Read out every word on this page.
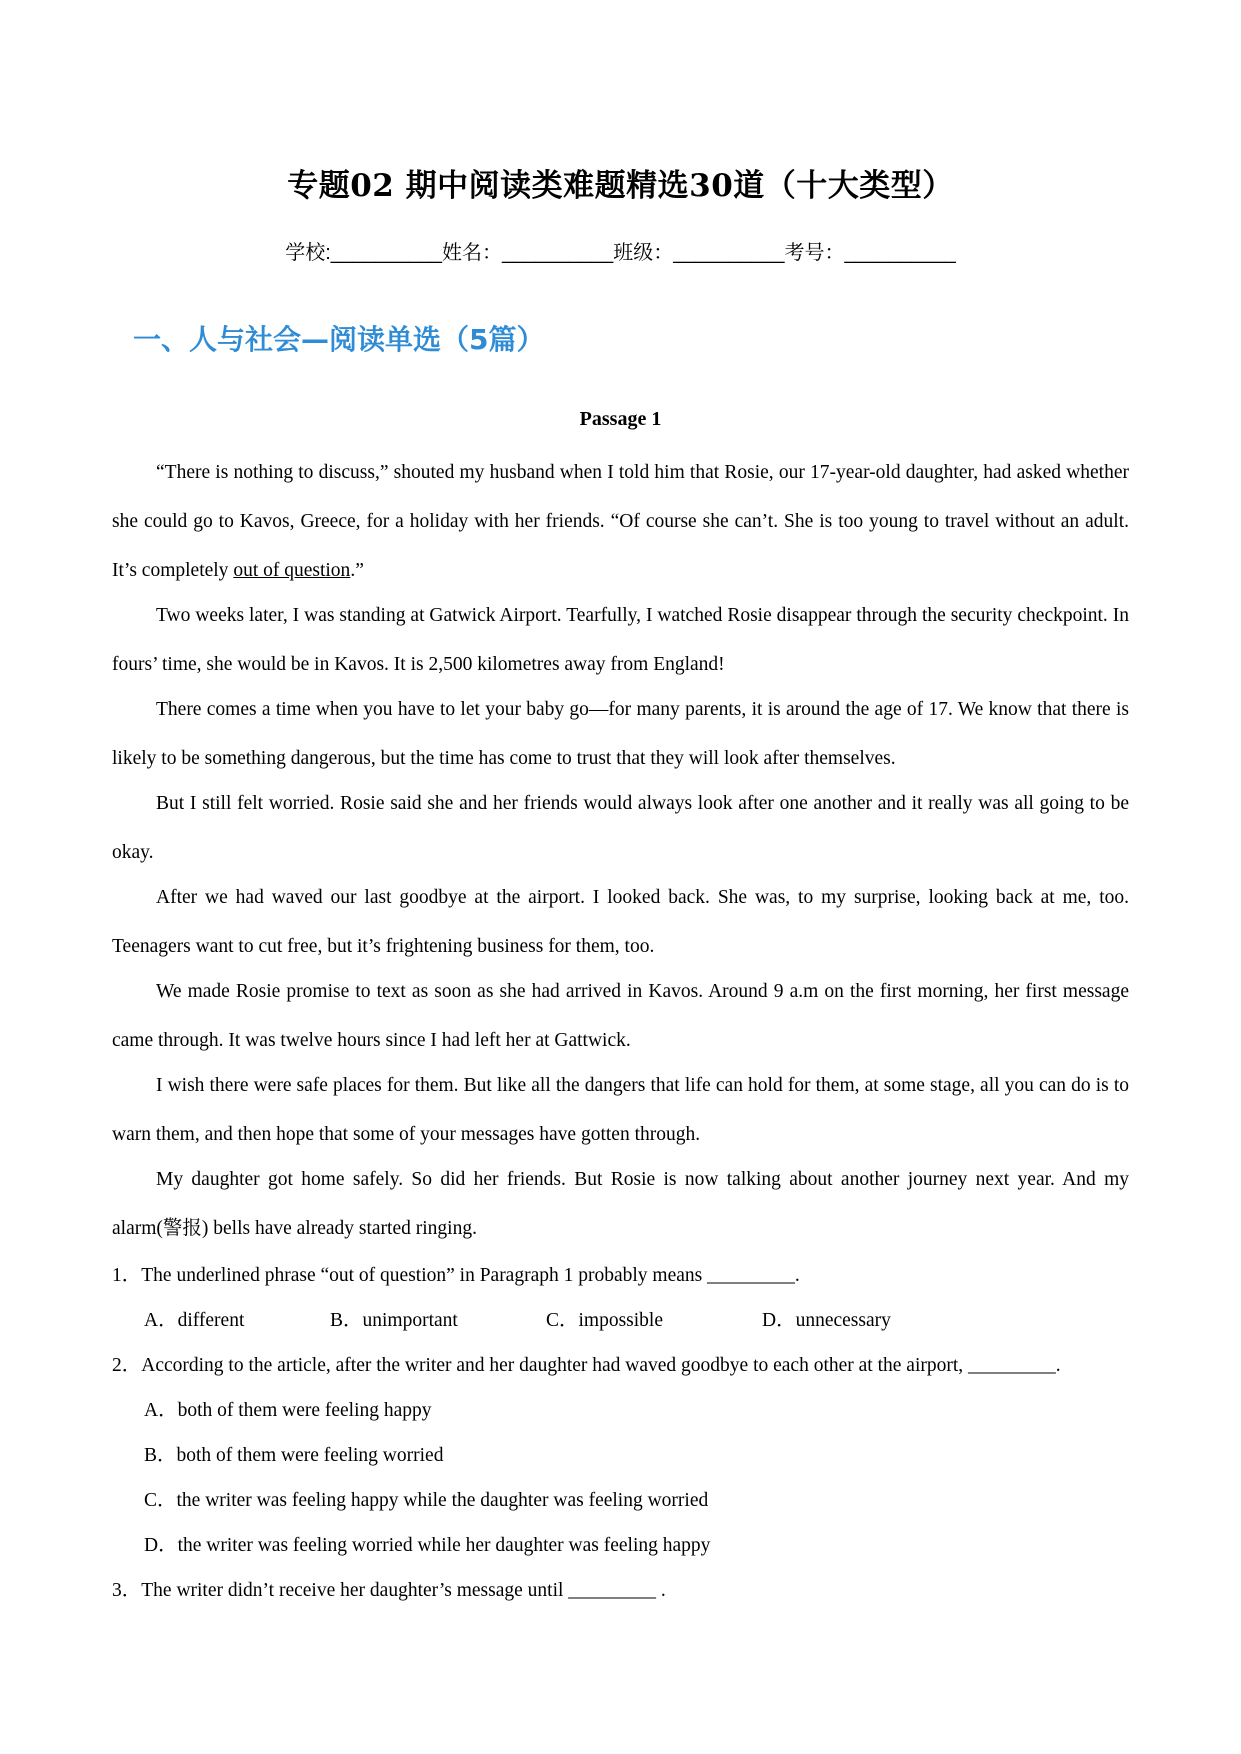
专题02 期中阅读类难题精选30道（十大类型）
学校:__________姓名：__________班级：__________考号：__________
一、人与社会—阅读单选（5篇）
Passage 1

“There is nothing to discuss,” shouted my husband when I told him that Rosie, our 17-year-old daughter, had asked whether she could go to Kavos, Greece, for a holiday with her friends. “Of course she can’t. She is too young to travel without an adult. It’s completely out of question.”

Two weeks later, I was standing at Gatwick Airport. Tearfully, I watched Rosie disappear through the security checkpoint. In fours’ time, she would be in Kavos. It is 2,500 kilometres away from England!

There comes a time when you have to let your baby go—for many parents, it is around the age of 17. We know that there is likely to be something dangerous, but the time has come to trust that they will look after themselves.

But I still felt worried. Rosie said she and her friends would always look after one another and it really was all going to be okay.

After we had waved our last goodbye at the airport. I looked back. She was, to my surprise, looking back at me, too. Teenagers want to cut free, but it’s frightening business for them, too.

We made Rosie promise to text as soon as she had arrived in Kavos. Around 9 a.m on the first morning, her first message came through. It was twelve hours since I had left her at Gattwick.

I wish there were safe places for them. But like all the dangers that life can hold for them, at some stage, all you can do is to warn them, and then hope that some of your messages have gotten through.

My daughter got home safely. So did her friends. But Rosie is now talking about another journey next year. And my alarm(警报) bells have already started ringing.

1．The underlined phrase “out of question” in Paragraph 1 probably means _________.

A．different	B．unimportant	C．impossible	D．unnecessary

2．According to the article, after the writer and her daughter had waved goodbye to each other at the airport, _________.

A．both of them were feeling happy
B．both of them were feeling worried
C．the writer was feeling happy while the daughter was feeling worried
D．the writer was feeling worried while her daughter was feeling happy

3．The writer didn’t receive her daughter’s message until _________ .
